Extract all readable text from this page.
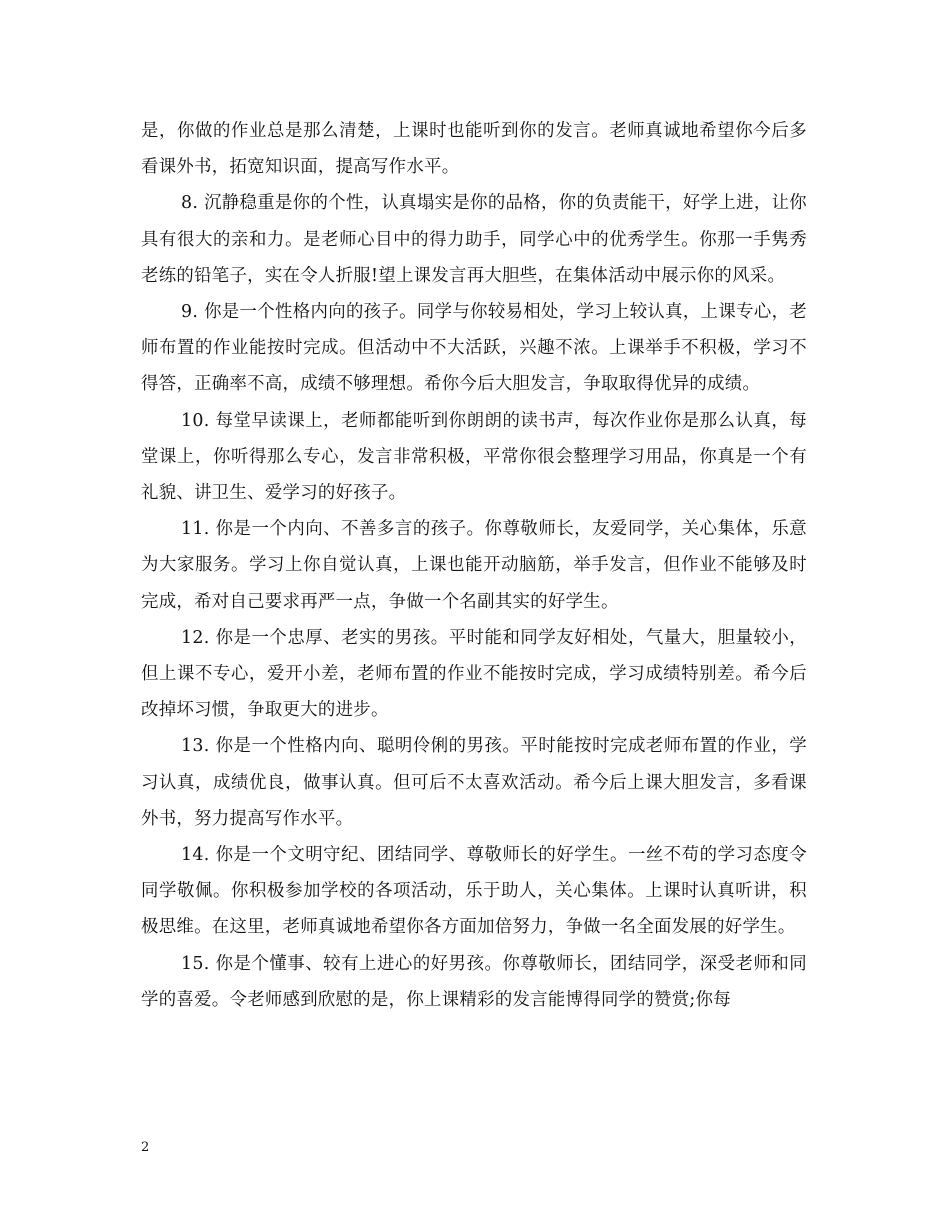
是，你做的作业总是那么清楚，上课时也能听到你的发言。老师真诚地希望你今后多看课外书，拓宽知识面，提高写作水平。

8. 沉静稳重是你的个性，认真塌实是你的品格，你的负责能干，好学上进，让你具有很大的亲和力。是老师心目中的得力助手，同学心中的优秀学生。你那一手隽秀老练的铅笔子，实在令人折服!望上课发言再大胆些，在集体活动中展示你的风采。

9. 你是一个性格内向的孩子。同学与你较易相处，学习上较认真，上课专心，老师布置的作业能按时完成。但活动中不大活跃，兴趣不浓。上课举手不积极，学习不得答，正确率不高，成绩不够理想。希你今后大胆发言，争取取得优异的成绩。

10. 每堂早读课上，老师都能听到你朗朗的读书声，每次作业你是那么认真，每堂课上，你听得那么专心，发言非常积极，平常你很会整理学习用品，你真是一个有礼貌、讲卫生、爱学习的好孩子。

11. 你是一个内向、不善多言的孩子。你尊敬师长，友爱同学，关心集体，乐意为大家服务。学习上你自觉认真，上课也能开动脑筋，举手发言，但作业不能够及时完成，希对自己要求再严一点，争做一个名副其实的好学生。

12. 你是一个忠厚、老实的男孩。平时能和同学友好相处，气量大，胆量较小，但上课不专心，爱开小差，老师布置的作业不能按时完成，学习成绩特别差。希今后改掉坏习惯，争取更大的进步。

13. 你是一个性格内向、聪明伶俐的男孩。平时能按时完成老师布置的作业，学习认真，成绩优良，做事认真。但可后不太喜欢活动。希今后上课大胆发言，多看课外书，努力提高写作水平。

14. 你是一个文明守纪、团结同学、尊敬师长的好学生。一丝不苟的学习态度令同学敬佩。你积极参加学校的各项活动，乐于助人，关心集体。上课时认真听讲，积极思维。在这里，老师真诚地希望你各方面加倍努力，争做一名全面发展的好学生。

15. 你是个懂事、较有上进心的好男孩。你尊敬师长，团结同学，深受老师和同学的喜爱。令老师感到欣慰的是，你上课精彩的发言能博得同学的赞赏;你每

2
